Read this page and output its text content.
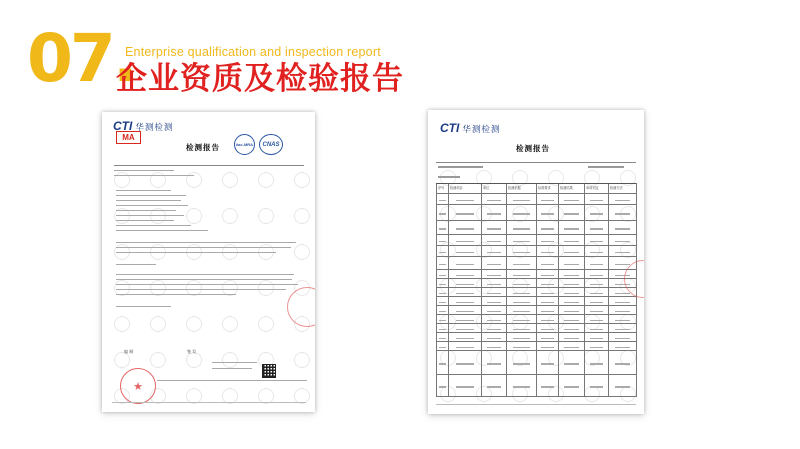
07.
Enterprise qualification and inspection report
企业资质及检验报告
CTI 华测检测
MA
ilac-MRA	CNAS
检测报告
编 制	签 发
★
CTI 华测检测
检测报告
序号	检测项目	单位	检测依据	标准要求	检测结果	单项判定	检测方法
